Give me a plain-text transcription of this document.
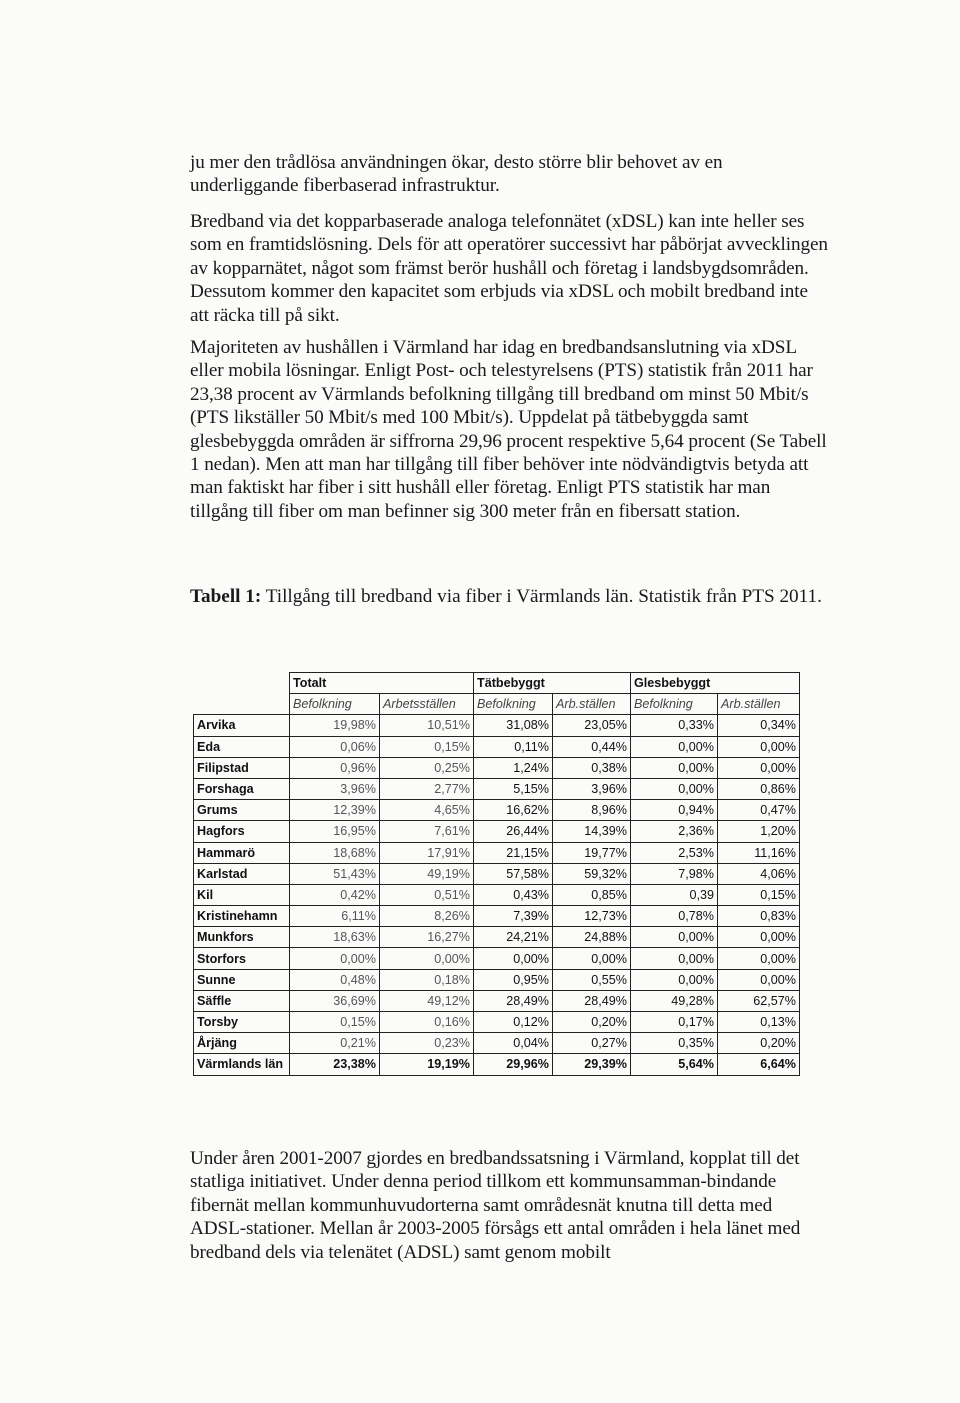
ju mer den trådlösa användningen ökar, desto större blir behovet av en underliggande fiberbaserad infrastruktur.

Bredband via det kopparbaserade analoga telefonnätet (xDSL) kan inte heller ses som en framtidslösning. Dels för att operatörer successivt har påbörjat avvecklingen av kopparnätet, något som främst berör hushåll och företag i landsbygdsområden. Dessutom kommer den kapacitet som erbjuds via xDSL och mobilt bredband inte att räcka till på sikt.

Majoriteten av hushållen i Värmland har idag en bredbandsanslutning via xDSL eller mobila lösningar. Enligt Post- och telestyrelsens (PTS) statistik från 2011 har 23,38 procent av Värmlands befolkning tillgång till bredband om minst 50 Mbit/s (PTS likställer 50 Mbit/s med 100 Mbit/s). Uppdelat på tätbebyggda samt glesbebyggda områden är siffrorna 29,96 procent respektive 5,64 procent (Se Tabell 1 nedan). Men att man har tillgång till fiber behöver inte nödvändigtvis betyda att man faktiskt har fiber i sitt hushåll eller företag. Enligt PTS statistik har man tillgång till fiber om man befinner sig 300 meter från en fibersatt station.

Tabell 1: Tillgång till bredband via fiber i Värmlands län. Statistik från PTS 2011.

	Totalt		Tätbebyggt		Glesbebyggt	
	Befolkning	Arbetsställen	Befolkning	Arb.ställen	Befolkning	Arb.ställen
Arvika	19,98%	10,51%	31,08%	23,05%	0,33%	0,34%
Eda	0,06%	0,15%	0,11%	0,44%	0,00%	0,00%
Filipstad	0,96%	0,25%	1,24%	0,38%	0,00%	0,00%
Forshaga	3,96%	2,77%	5,15%	3,96%	0,00%	0,86%
Grums	12,39%	4,65%	16,62%	8,96%	0,94%	0,47%
Hagfors	16,95%	7,61%	26,44%	14,39%	2,36%	1,20%
Hammarö	18,68%	17,91%	21,15%	19,77%	2,53%	11,16%
Karlstad	51,43%	49,19%	57,58%	59,32%	7,98%	4,06%
Kil	0,42%	0,51%	0,43%	0,85%	0,39	0,15%
Kristinehamn	6,11%	8,26%	7,39%	12,73%	0,78%	0,83%
Munkfors	18,63%	16,27%	24,21%	24,88%	0,00%	0,00%
Storfors	0,00%	0,00%	0,00%	0,00%	0,00%	0,00%
Sunne	0,48%	0,18%	0,95%	0,55%	0,00%	0,00%
Säffle	36,69%	49,12%	28,49%	28,49%	49,28%	62,57%
Torsby	0,15%	0,16%	0,12%	0,20%	0,17%	0,13%
Årjäng	0,21%	0,23%	0,04%	0,27%	0,35%	0,20%
Värmlands län	23,38%	19,19%	29,96%	29,39%	5,64%	6,64%

Under åren 2001-2007 gjordes en bredbandssatsning i Värmland, kopplat till det statliga initiativet. Under denna period tillkom ett kommunsamman-bindande fibernät mellan kommunhuvudorterna samt områdesnät knutna till detta med ADSL-stationer. Mellan år 2003-2005 försågs ett antal områden i hela länet med bredband dels via telenätet (ADSL) samt genom mobilt
